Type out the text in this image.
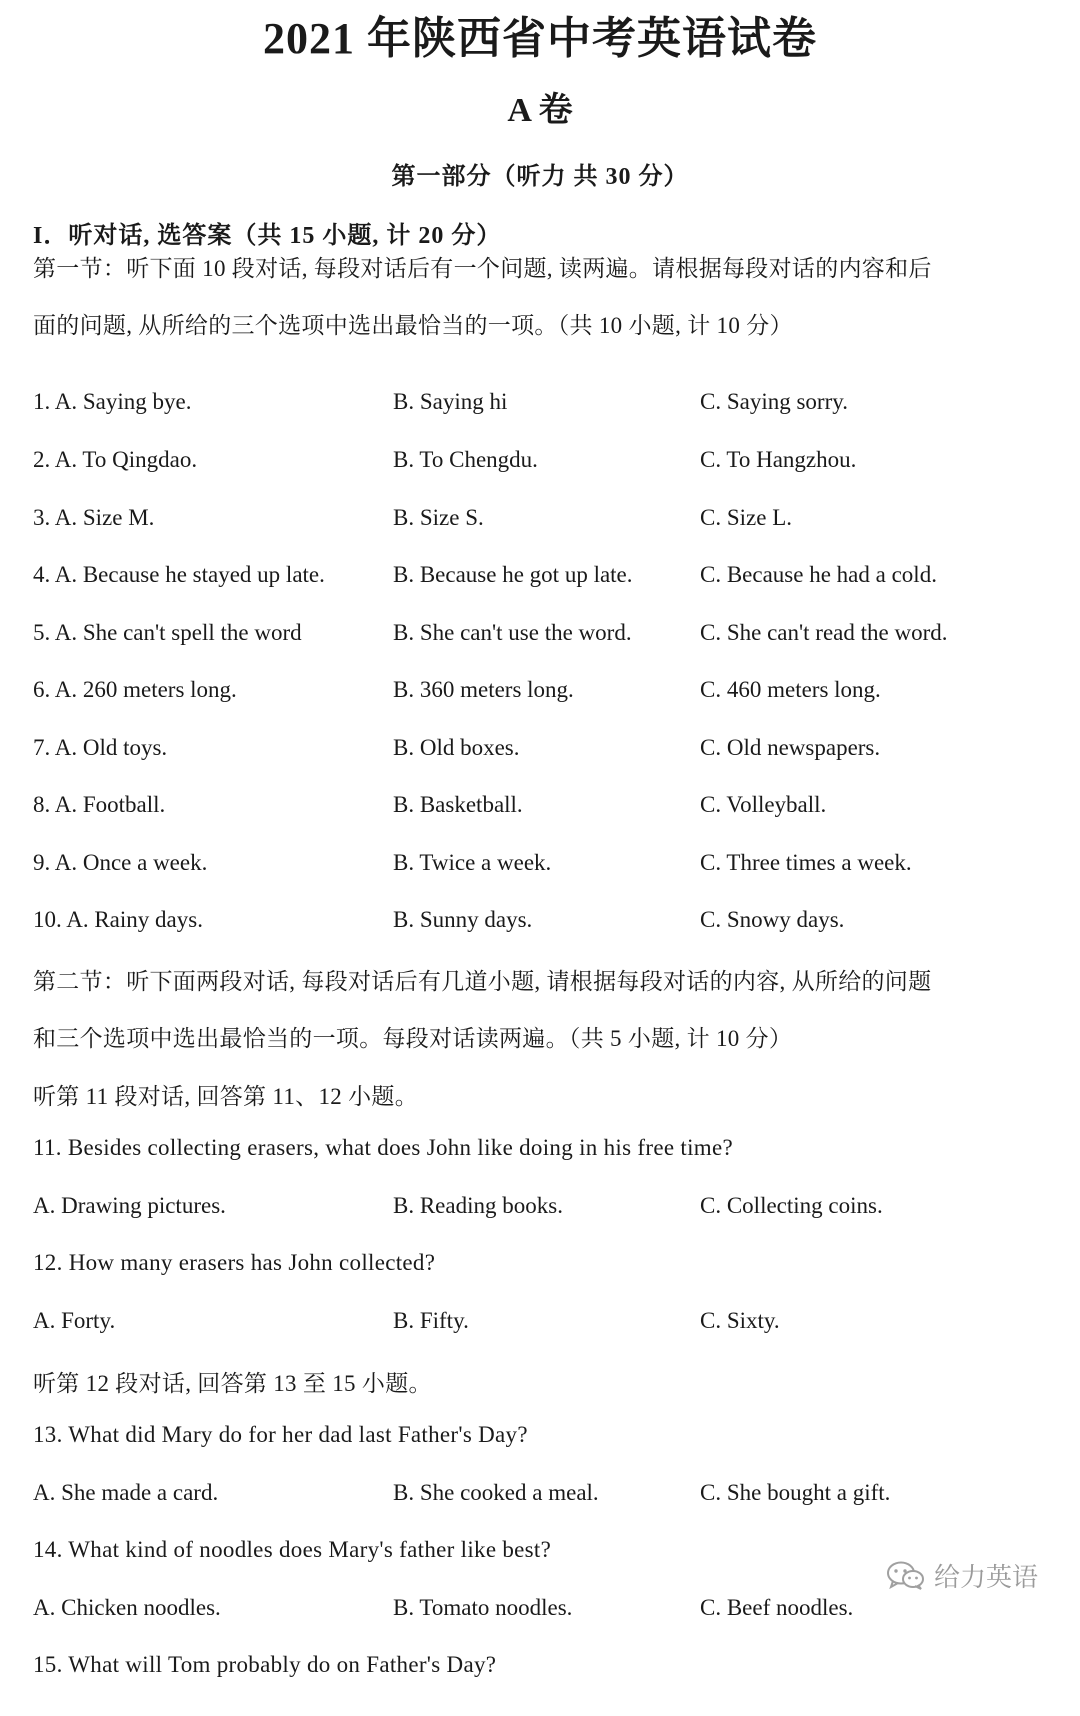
2021 年陕西省中考英语试卷
A 卷
第一部分（听力 共 30 分）
I．听对话, 选答案（共 15 小题, 计 20 分）
第一节：听下面 10 段对话, 每段对话后有一个问题, 读两遍。请根据每段对话的内容和后
面的问题, 从所给的三个选项中选出最恰当的一项。（共 10 小题, 计 10 分）
1. A. Saying bye.	B. Saying hi	C. Saying sorry.
2. A. To Qingdao.	B. To Chengdu.	C. To Hangzhou.
3. A. Size M.	B. Size S.	C. Size L.
4. A. Because he stayed up late.	B. Because he got up late.	C. Because he had a cold.
5. A. She can't spell the word	B. She can't use the word.	C. She can't read the word.
6. A. 260 meters long.	B. 360 meters long.	C. 460 meters long.
7. A. Old toys.	B. Old boxes.	C. Old newspapers.
8. A. Football.	B. Basketball.	C. Volleyball.
9. A. Once a week.	B. Twice a week.	C. Three times a week.
10. A. Rainy days.	B. Sunny days.	C. Snowy days.
第二节：听下面两段对话, 每段对话后有几道小题, 请根据每段对话的内容, 从所给的问题
和三个选项中选出最恰当的一项。每段对话读两遍。（共 5 小题, 计 10 分）
听第 11 段对话, 回答第 11、12 小题。
11. Besides collecting erasers, what does John like doing in his free time?
A. Drawing pictures.	B. Reading books.	C. Collecting coins.
12. How many erasers has John collected?
A. Forty.	B. Fifty.	C. Sixty.
听第 12 段对话, 回答第 13 至 15 小题。
13. What did Mary do for her dad last Father's Day?
A. She made a card.	B. She cooked a meal.	C. She bought a gift.
14. What kind of noodles does Mary's father like best?
A. Chicken noodles.	B. Tomato noodles.	C. Beef noodles.
15. What will Tom probably do on Father's Day?
给力英语
